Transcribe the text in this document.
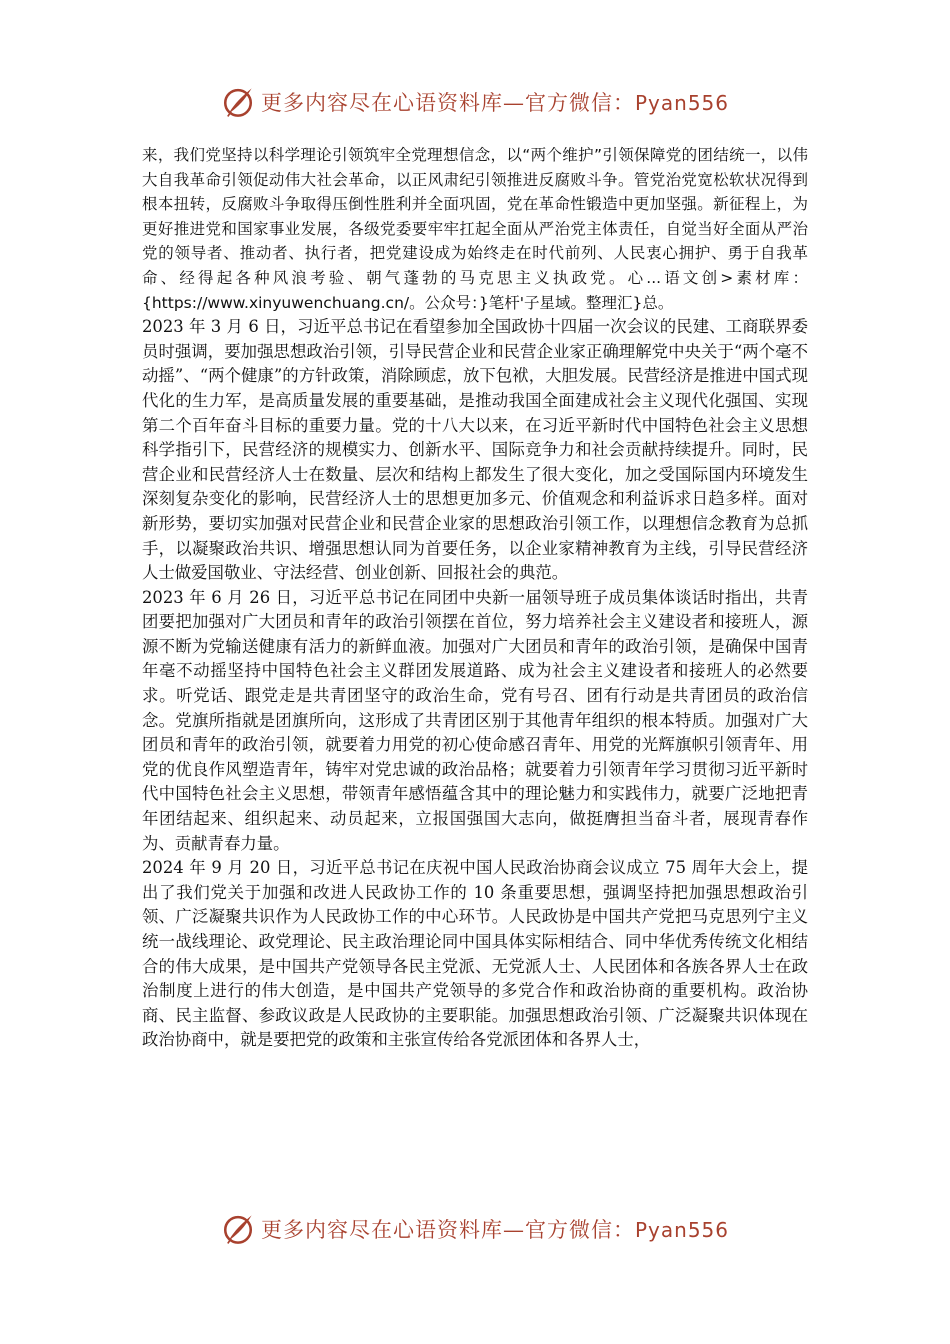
更多内容尽在心语资料库—官方微信：Pyan556

来，我们党坚持以科学理论引领筑牢全党理想信念，以“两个维护”引领保障党的团结统一，以伟大自我革命引领促动伟大社会革命，以正风肃纪引领推进反腐败斗争。管党治党宽松软状况得到根本扭转，反腐败斗争取得压倒性胜利并全面巩固，党在革命性锻造中更加坚强。新征程上，为更好推进党和国家事业发展，各级党委要牢牢扛起全面从严治党主体责任，自觉当好全面从严治党的领导者、推动者、执行者，把党建设成为始终走在时代前列、人民衷心拥护、勇于自我革命、经得起各种风浪考验、朝气蓬勃的马克思主义执政党。心...语文创>素材库：{https://www.xinyuwenchuang.cn/。公众号：}笔杆'子星域。整理汇}总。

2023 年 3 月 6 日，习近平总书记在看望参加全国政协十四届一次会议的民建、工商联界委员时强调，要加强思想政治引领，引导民营企业和民营企业家正确理解党中央关于“两个毫不动摇”、“两个健康”的方针政策，消除顾虑，放下包袱，大胆发展。民营经济是推进中国式现代化的生力军，是高质量发展的重要基础，是推动我国全面建成社会主义现代化强国、实现第二个百年奋斗目标的重要力量。党的十八大以来，在习近平新时代中国特色社会主义思想科学指引下，民营经济的规模实力、创新水平、国际竞争力和社会贡献持续提升。同时，民营企业和民营经济人士在数量、层次和结构上都发生了很大变化，加之受国际国内环境发生深刻复杂变化的影响，民营经济人士的思想更加多元、价值观念和利益诉求日趋多样。面对新形势，要切实加强对民营企业和民营企业家的思想政治引领工作，以理想信念教育为总抓手，以凝聚政治共识、增强思想认同为首要任务，以企业家精神教育为主线，引导民营经济人士做爱国敬业、守法经营、创业创新、回报社会的典范。

2023 年 6 月 26 日，习近平总书记在同团中央新一届领导班子成员集体谈话时指出，共青团要把加强对广大团员和青年的政治引领摆在首位，努力培养社会主义建设者和接班人，源源不断为党输送健康有活力的新鲜血液。加强对广大团员和青年的政治引领，是确保中国青年毫不动摇坚持中国特色社会主义群团发展道路、成为社会主义建设者和接班人的必然要求。听党话、跟党走是共青团坚守的政治生命，党有号召、团有行动是共青团员的政治信念。党旗所指就是团旗所向，这形成了共青团区别于其他青年组织的根本特质。加强对广大团员和青年的政治引领，就要着力用党的初心使命感召青年、用党的光辉旗帜引领青年、用党的优良作风塑造青年，铸牢对党忠诚的政治品格；就要着力引领青年学习贯彻习近平新时代中国特色社会主义思想，带领青年感悟蕴含其中的理论魅力和实践伟力，就要广泛地把青年团结起来、组织起来、动员起来，立报国强国大志向，做挺膺担当奋斗者，展现青春作为、贡献青春力量。

2024 年 9 月 20 日，习近平总书记在庆祝中国人民政治协商会议成立 75 周年大会上，提出了我们党关于加强和改进人民政协工作的 10 条重要思想，强调坚持把加强思想政治引领、广泛凝聚共识作为人民政协工作的中心环节。人民政协是中国共产党把马克思列宁主义统一战线理论、政党理论、民主政治理论同中国具体实际相结合、同中华优秀传统文化相结合的伟大成果，是中国共产党领导各民主党派、无党派人士、人民团体和各族各界人士在政治制度上进行的伟大创造，是中国共产党领导的多党合作和政治协商的重要机构。政治协商、民主监督、参政议政是人民政协的主要职能。加强思想政治引领、广泛凝聚共识体现在政治协商中，就是要把党的政策和主张宣传给各党派团体和各界人士，

更多内容尽在心语资料库—官方微信：Pyan556
